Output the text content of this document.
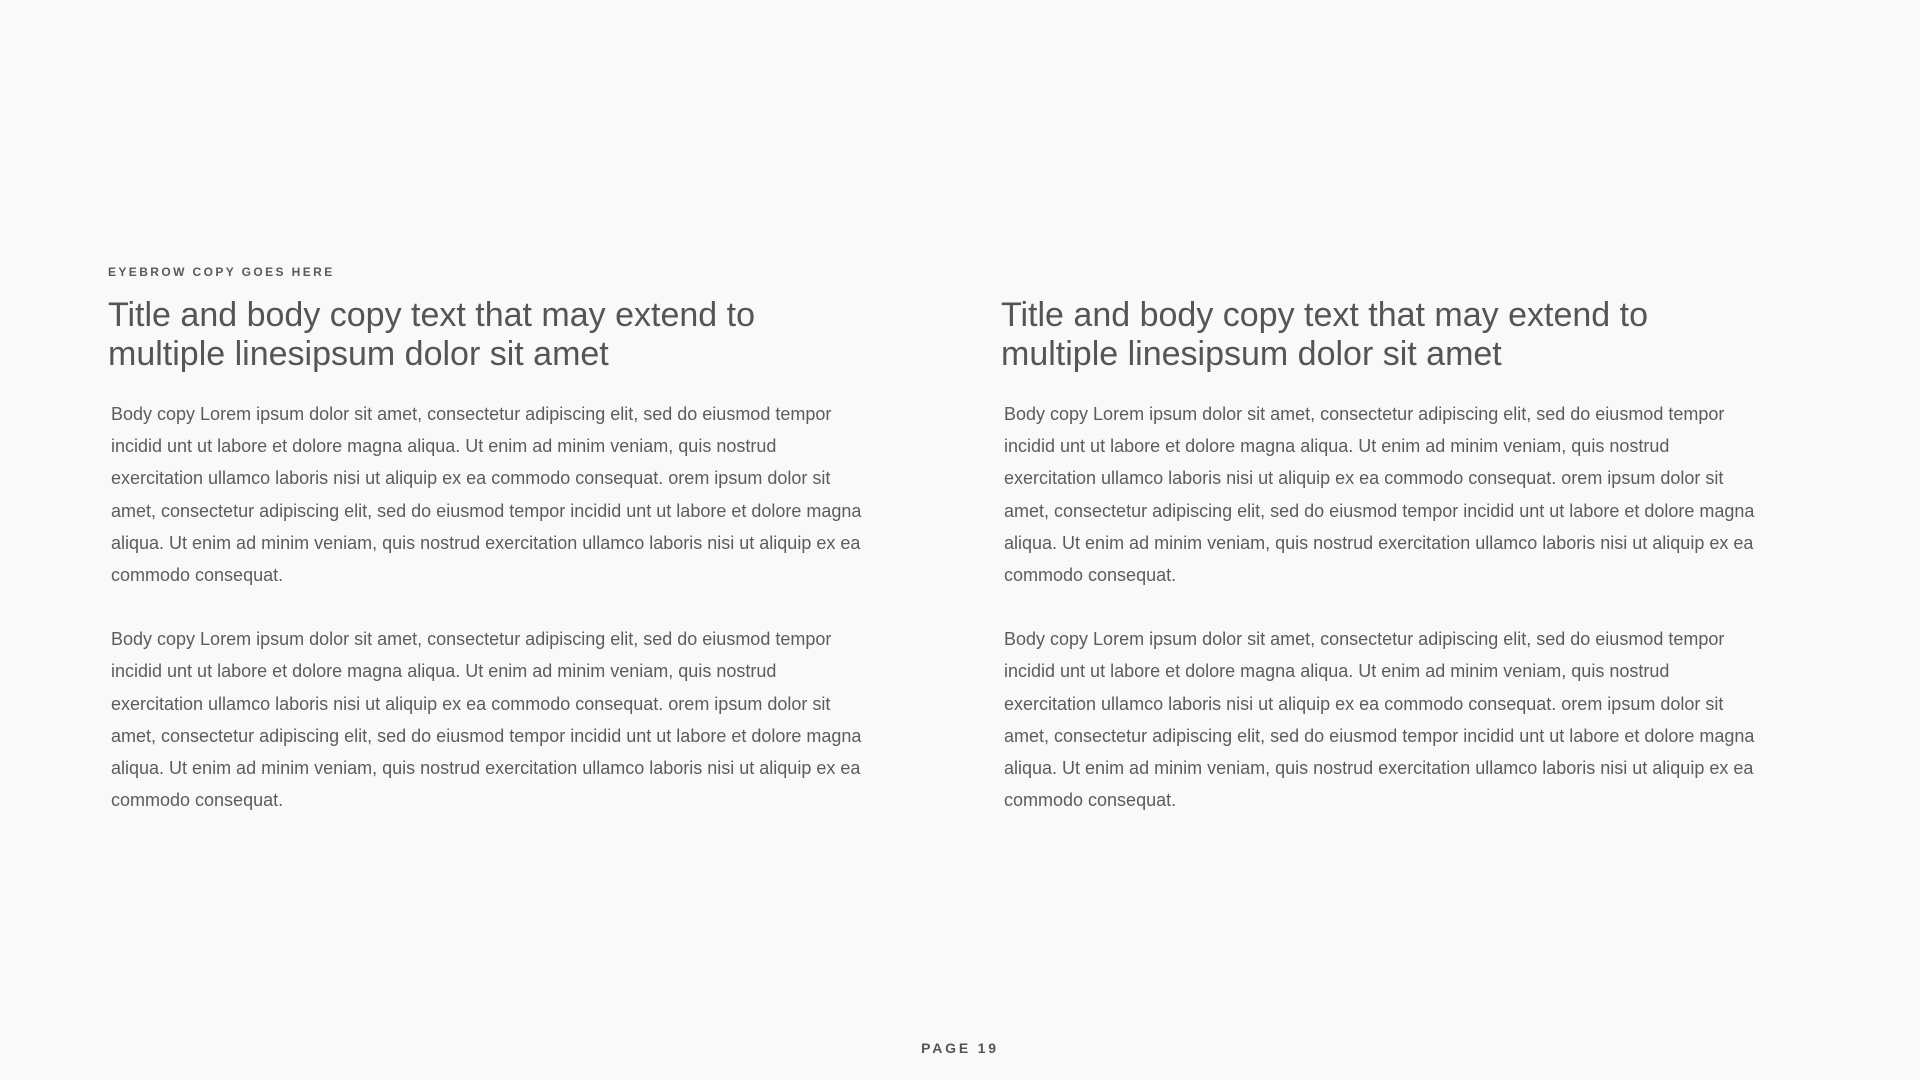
EYEBROW COPY GOES HERE
Title and body copy text that may extend to multiple linesipsum dolor sit amet

Body copy Lorem ipsum dolor sit amet, consectetur adipiscing elit, sed do eiusmod tempor incidid unt ut labore et dolore magna aliqua. Ut enim ad minim veniam, quis nostrud exercitation ullamco laboris nisi ut aliquip ex ea commodo consequat. orem ipsum dolor sit amet, consectetur adipiscing elit, sed do eiusmod tempor incidid unt ut labore et dolore magna aliqua. Ut enim ad minim veniam, quis nostrud exercitation ullamco laboris nisi ut aliquip ex ea commodo consequat.

Body copy Lorem ipsum dolor sit amet, consectetur adipiscing elit, sed do eiusmod tempor incidid unt ut labore et dolore magna aliqua. Ut enim ad minim veniam, quis nostrud exercitation ullamco laboris nisi ut aliquip ex ea commodo consequat. orem ipsum dolor sit amet, consectetur adipiscing elit, sed do eiusmod tempor incidid unt ut labore et dolore magna aliqua. Ut enim ad minim veniam, quis nostrud exercitation ullamco laboris nisi ut aliquip ex ea commodo consequat.

Title and body copy text that may extend to multiple linesipsum dolor sit amet

Body copy Lorem ipsum dolor sit amet, consectetur adipiscing elit, sed do eiusmod tempor incidid unt ut labore et dolore magna aliqua. Ut enim ad minim veniam, quis nostrud exercitation ullamco laboris nisi ut aliquip ex ea commodo consequat. orem ipsum dolor sit amet, consectetur adipiscing elit, sed do eiusmod tempor incidid unt ut labore et dolore magna aliqua. Ut enim ad minim veniam, quis nostrud exercitation ullamco laboris nisi ut aliquip ex ea commodo consequat.

Body copy Lorem ipsum dolor sit amet, consectetur adipiscing elit, sed do eiusmod tempor incidid unt ut labore et dolore magna aliqua. Ut enim ad minim veniam, quis nostrud exercitation ullamco laboris nisi ut aliquip ex ea commodo consequat. orem ipsum dolor sit amet, consectetur adipiscing elit, sed do eiusmod tempor incidid unt ut labore et dolore magna aliqua. Ut enim ad minim veniam, quis nostrud exercitation ullamco laboris nisi ut aliquip ex ea commodo consequat.

PAGE 19
